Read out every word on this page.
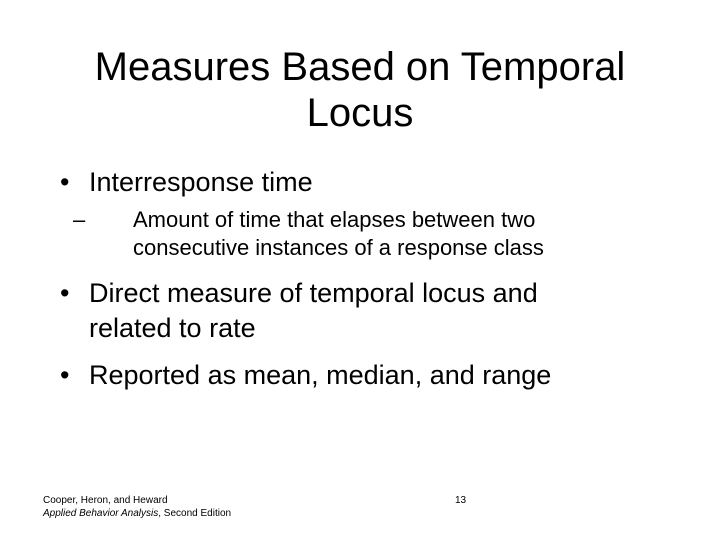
Measures Based on Temporal
Locus
• Interresponse time
– Amount of time that elapses between two
consecutive instances of a response class
• Direct measure of temporal locus and
related to rate
• Reported as mean, median, and range
Cooper, Heron, and Heward
Applied Behavior Analysis, Second Edition
13
